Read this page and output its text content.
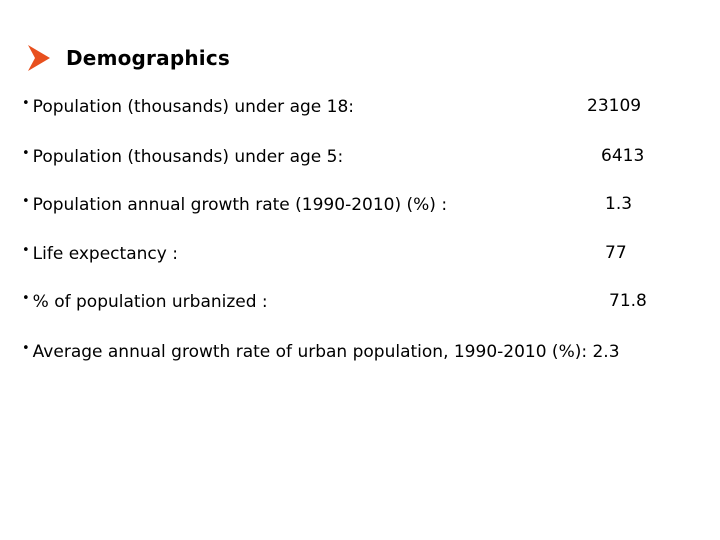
Demographics
• Population (thousands) under age 18:	23109
• Population (thousands) under age 5:	6413
• Population annual growth rate (1990-2010) (%) :	1.3
• Life expectancy :	77
• % of population urbanized :	71.8
• Average annual growth rate of urban population, 1990-2010 (%): 2.3
